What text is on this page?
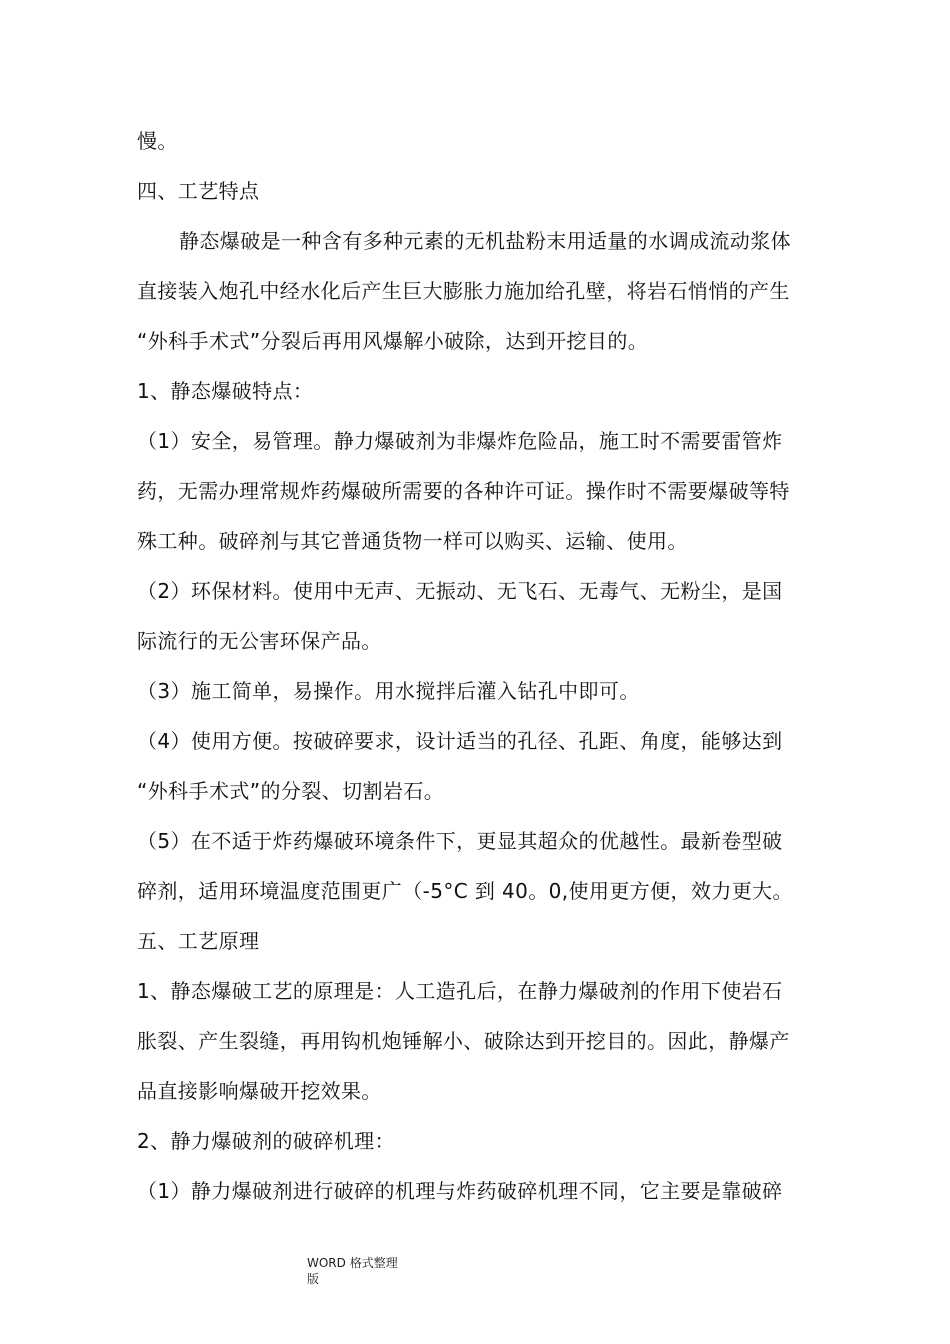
慢。
四、工艺特点
静态爆破是一种含有多种元素的无机盐粉末用适量的水调成流动浆体
直接装入炮孔中经水化后产生巨大膨胀力施加给孔壁，将岩石悄悄的产生
“外科手术式”分裂后再用风爆解小破除，达到开挖目的。
1、静态爆破特点：
（1）安全，易管理。静力爆破剂为非爆炸危险品，施工时不需要雷管炸
药，无需办理常规炸药爆破所需要的各种许可证。操作时不需要爆破等特
殊工种。破碎剂与其它普通货物一样可以购买、运输、使用。
（2）环保材料。使用中无声、无振动、无飞石、无毒气、无粉尘，是国
际流行的无公害环保产品。
（3）施工简单，易操作。用水搅拌后灌入钻孔中即可。
（4）使用方便。按破碎要求，设计适当的孔径、孔距、角度，能够达到
“外科手术式”的分裂、切割岩石。
（5）在不适于炸药爆破环境条件下，更显其超众的优越性。最新卷型破
碎剂，适用环境温度范围更广（-5°C 到 40。0,使用更方便，效力更大。
五、工艺原理
1、静态爆破工艺的原理是：人工造孔后，在静力爆破剂的作用下使岩石
胀裂、产生裂缝，再用钩机炮锤解小、破除达到开挖目的。因此，静爆产
品直接影响爆破开挖效果。
2、静力爆破剂的破碎机理：
（1）静力爆破剂进行破碎的机理与炸药破碎机理不同，它主要是靠破碎
WORD 格式整理
版
